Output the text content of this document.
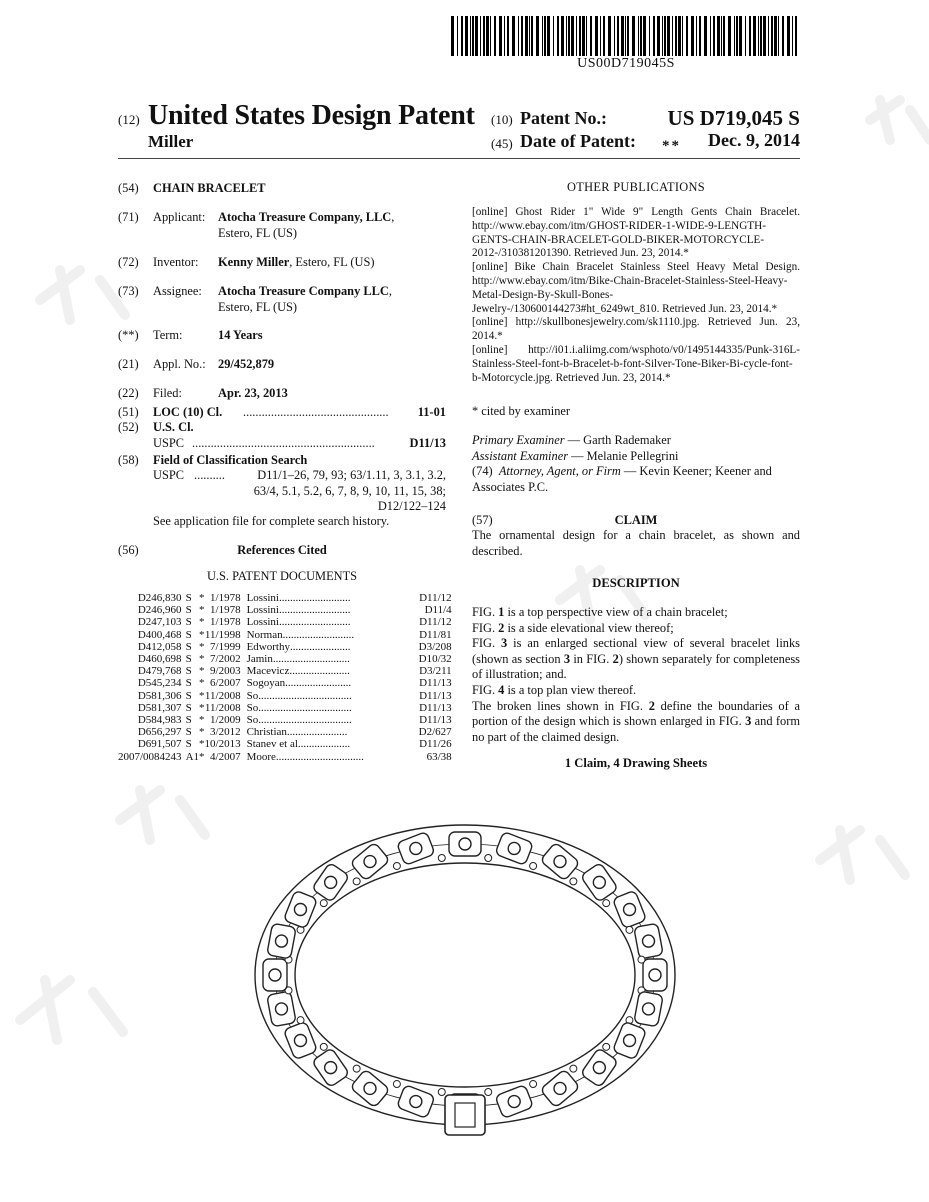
US00D719045S
(12) United States Design Patent
Miller
(10) Patent No.:	US D719,045 S
(45) Date of Patent: **	Dec. 9, 2014
(54) CHAIN BRACELET
(71) Applicant: Atocha Treasure Company, LLC,
Estero, FL (US)
(72) Inventor: Kenny Miller, Estero, FL (US)
(73) Assignee: Atocha Treasure Company LLC,
Estero, FL (US)
(**) Term:	14 Years
(21) Appl. No.: 29/452,879
(22) Filed:	Apr. 23, 2013
(51) LOC (10) Cl. ...............................................	11-01
(52) U.S. Cl.
USPC ...........................................................	D11/13
(58) Field of Classification Search
USPC ..........	D11/1–26, 79, 93; 63/1.11, 3, 3.1, 3.2,
63/4, 5.1, 5.2, 6, 7, 8, 9, 10, 11, 15, 38;
D12/122–124
See application file for complete search history.
(56)	References Cited
U.S. PATENT DOCUMENTS
D246,830	S	*	1/1978	Lossini..........................	D11/12
D246,960	S	*	1/1978	Lossini..........................	D11/4
D247,103	S	*	1/1978	Lossini..........................	D11/12
D400,468	S	*	11/1998	Norman..........................	D11/81
D412,058	S	*	7/1999	Edworthy......................	D3/208
D460,698	S	*	7/2002	Jamin............................	D10/32
D479,768	S	*	9/2003	Macevicz......................	D3/211
D545,234	S	*	6/2007	Sogoyan........................	D11/13
D581,306	S	*	11/2008	So..................................	D11/13
D581,307	S	*	11/2008	So..................................	D11/13
D584,983	S	*	1/2009	So..................................	D11/13
D656,297	S	*	3/2012	Christian......................	D2/627
D691,507	S	*	10/2013	Stanev et al...................	D11/26
2007/0084243	A1	*	4/2007	Moore................................	63/38
OTHER PUBLICATIONS

[online] Ghost Rider 1" Wide 9" Length Gents Chain Bracelet. http://www.ebay.com/itm/GHOST-RIDER-1-WIDE-9-LENGTH-GENTS-CHAIN-BRACELET-GOLD-BIKER-MOTORCYCLE-2012-/310381201390. Retrieved Jun. 23, 2014.*

[online] Bike Chain Bracelet Stainless Steel Heavy Metal Design. http://www.ebay.com/itm/Bike-Chain-Bracelet-Stainless-Steel-Heavy-Metal-Design-By-Skull-Bones-Jewelry-/130600144273#ht_6249wt_810. Retrieved Jun. 23, 2014.*

[online] http://skullbonesjewelry.com/sk1110.jpg. Retrieved Jun. 23, 2014.*

[online] http://i01.i.aliimg.com/wsphoto/v0/1495144335/Punk-316L-Stainless-Steel-font-b-Bracelet-b-font-Silver-Tone-Biker-Bi-cycle-font-b-Motorcycle.jpg. Retrieved Jun. 23, 2014.*

* cited by examiner
Primary Examiner — Garth Rademaker
Assistant Examiner — Melanie Pellegrini
(74) Attorney, Agent, or Firm — Kevin Keener; Keener and Associates P.C.
(57)	CLAIM
The ornamental design for a chain bracelet, as shown and described.
DESCRIPTION

FIG. 1 is a top perspective view of a chain bracelet;

FIG. 2 is a side elevational view thereof;

FIG. 3 is an enlarged sectional view of several bracelet links (shown as section 3 in FIG. 2) shown separately for completeness of illustration; and.

FIG. 4 is a top plan view thereof.

The broken lines shown in FIG. 2 define the boundaries of a portion of the design which is shown enlarged in FIG. 3 and form no part of the claimed design.

1 Claim, 4 Drawing Sheets
